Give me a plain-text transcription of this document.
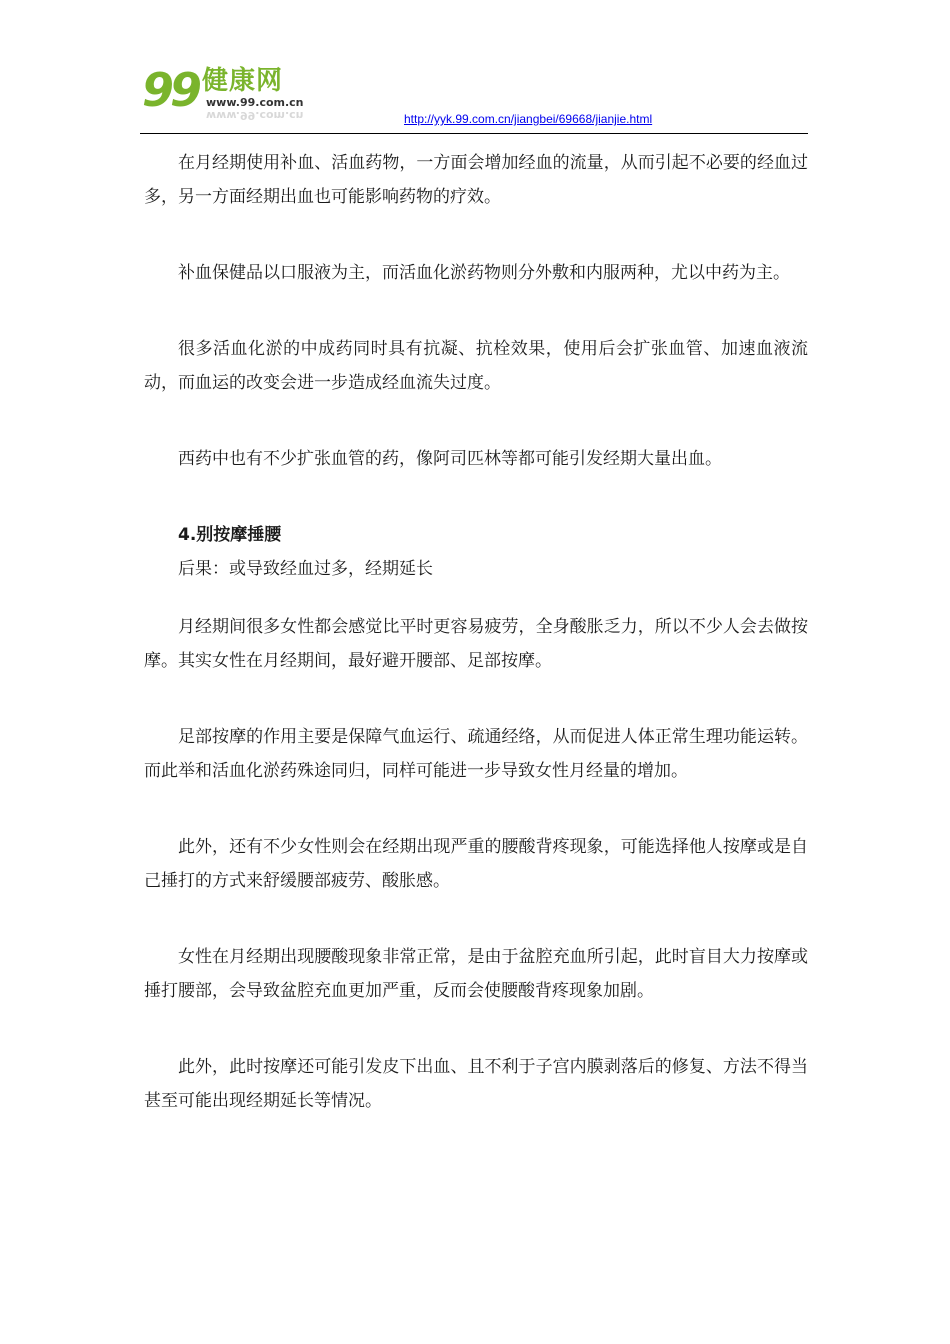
99 健康网
www.99.com.cn
www.99.com.cn	http://yyk.99.com.cn/jiangbei/69668/jianjie.html

在月经期使用补血、活血药物，一方面会增加经血的流量，从而引起不必要的经血过多，另一方面经期出血也可能影响药物的疗效。

补血保健品以口服液为主，而活血化淤药物则分外敷和内服两种，尤以中药为主。

很多活血化淤的中成药同时具有抗凝、抗栓效果，使用后会扩张血管、加速血液流动，而血运的改变会进一步造成经血流失过度。

西药中也有不少扩张血管的药，像阿司匹林等都可能引发经期大量出血。

4.别按摩捶腰

后果：或导致经血过多，经期延长

月经期间很多女性都会感觉比平时更容易疲劳，全身酸胀乏力，所以不少人会去做按摩。其实女性在月经期间，最好避开腰部、足部按摩。

足部按摩的作用主要是保障气血运行、疏通经络，从而促进人体正常生理功能运转。而此举和活血化淤药殊途同归，同样可能进一步导致女性月经量的增加。

此外，还有不少女性则会在经期出现严重的腰酸背疼现象，可能选择他人按摩或是自己捶打的方式来舒缓腰部疲劳、酸胀感。

女性在月经期出现腰酸现象非常正常，是由于盆腔充血所引起，此时盲目大力按摩或捶打腰部，会导致盆腔充血更加严重，反而会使腰酸背疼现象加剧。

此外，此时按摩还可能引发皮下出血、且不利于子宫内膜剥落后的修复、方法不得当甚至可能出现经期延长等情况。
